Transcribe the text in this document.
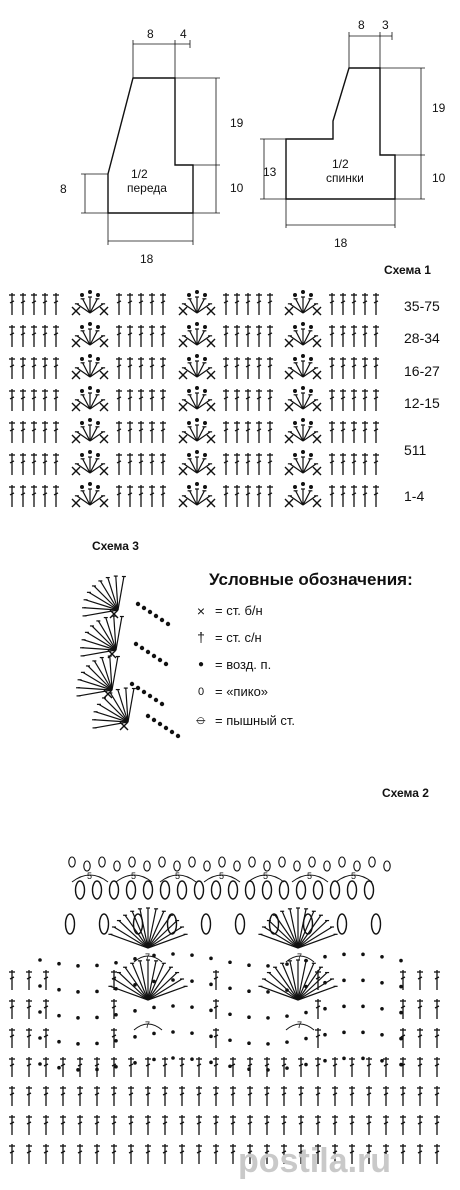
8 4
19
10
8
18
1/2
переда
8 3
19
10
13
18
1/2
спинки
Схема 1
35-75
28-34
16-27
12-15
511
1-4
Схема 3
Условные обозначения:
× = ст. б/н
† = ст. с/н
● = возд. п.
0 = «пико»
⦵ = пышный ст.
Схема 2
5	5	5	5	5	5	5
7	7
7	7
postila.ru
